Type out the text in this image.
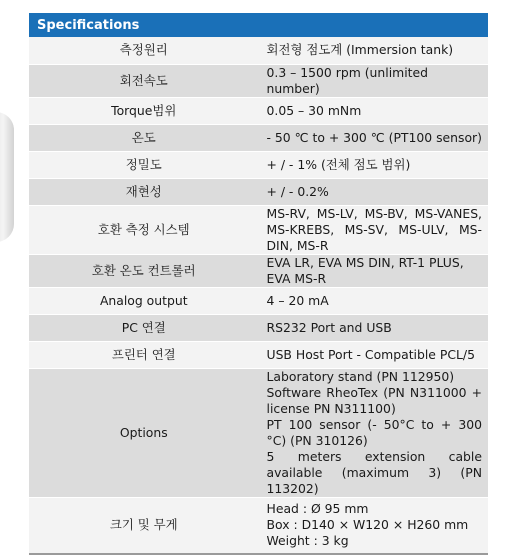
Specifications	
측정원리	회전형 점도계 (Immersion tank)
회전속도	0.3 – 1500 rpm (unlimited number)
Torque범위	0.05 – 30 mNm
온도	- 50 ℃ to + 300 ℃ (PT100 sensor)
정밀도	+ / - 1% (전체 점도 범위)
재현성	+ / - 0.2%
호환 측정 시스템	MS-RV, MS-LV, MS-BV, MS-VANES, MS-KREBS, MS-SV, MS-ULV, MS-DIN, MS-R
호환 온도 컨트롤러	EVA LR, EVA MS DIN, RT-1 PLUS, EVA MS-R
Analog output	4 – 20 mA
PC 연결	RS232 Port and USB
프린터 연결	USB Host Port - Compatible PCL/5
Options	Laboratory stand (PN 112950)
Software RheoTex (PN N311000 + license PN N311100)
PT 100 sensor (- 50°C to + 300 °C) (PN 310126)
5 meters extension cable available (maximum 3) (PN 113202)

크기 및 무게	Head : Ø 95 mm
Box : D140 × W120 × H260 mm
Weight : 3 kg
